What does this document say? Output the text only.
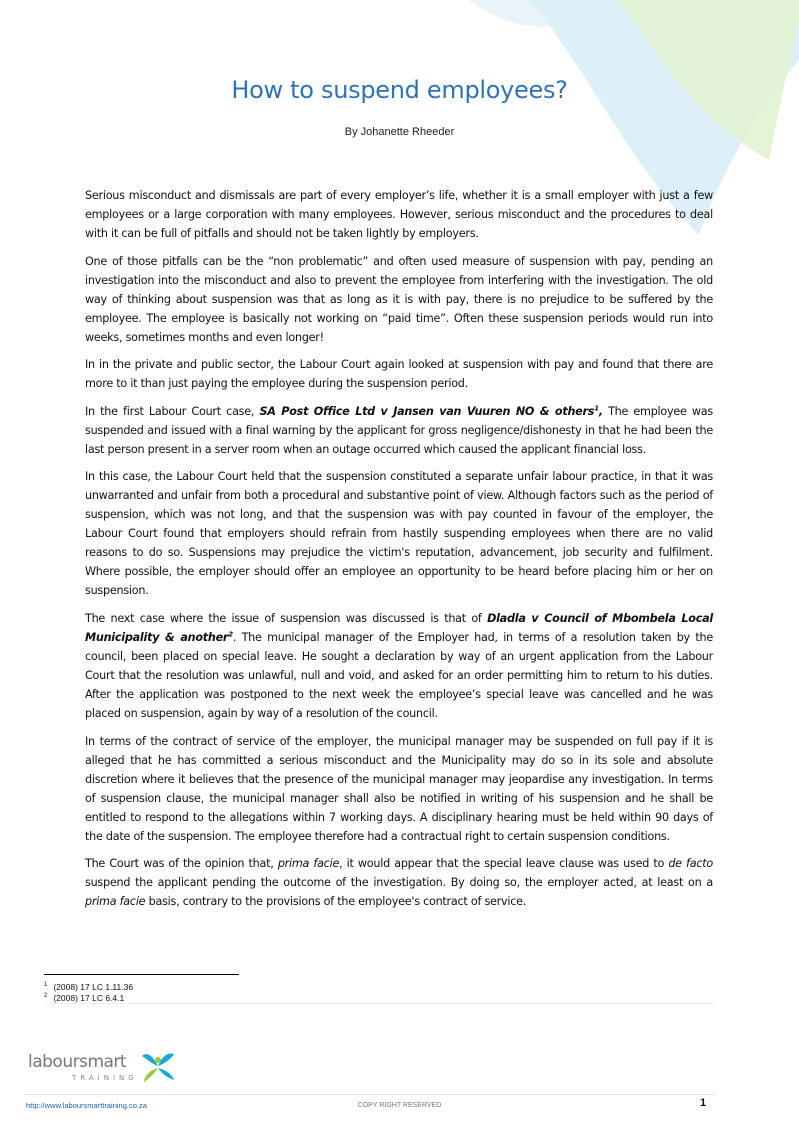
How to suspend employees?
By Johanette Rheeder

Serious misconduct and dismissals are part of every employer’s life, whether it is a small employer with just a few employees or a large corporation with many employees. However, serious misconduct and the procedures to deal with it can be full of pitfalls and should not be taken lightly by employers.

One of those pitfalls can be the “non problematic” and often used measure of suspension with pay, pending an investigation into the misconduct and also to prevent the employee from interfering with the investigation. The old way of thinking about suspension was that as long as it is with pay, there is no prejudice to be suffered by the employee. The employee is basically not working on “paid time”. Often these suspension periods would run into weeks, sometimes months and even longer!

In in the private and public sector, the Labour Court again looked at suspension with pay and found that there are more to it than just paying the employee during the suspension period.

In the first Labour Court case, SA Post Office Ltd v Jansen van Vuuren NO & others$^1$, The employee was suspended and issued with a final warning by the applicant for gross negligence/dishonesty in that he had been the last person present in a server room when an outage occurred which caused the applicant financial loss.

In this case, the Labour Court held that the suspension constituted a separate unfair labour practice, in that it was unwarranted and unfair from both a procedural and substantive point of view. Although factors such as the period of suspension, which was not long, and that the suspension was with pay counted in favour of the employer, the Labour Court found that employers should refrain from hastily suspending employees when there are no valid reasons to do so. Suspensions may prejudice the victim's reputation, advancement, job security and fulfilment. Where possible, the employer should offer an employee an opportunity to be heard before placing him or her on suspension.

The next case where the issue of suspension was discussed is that of Dladla v Council of Mbombela Local Municipality & another$^2$. The municipal manager of the Employer had, in terms of a resolution taken by the council, been placed on special leave. He sought a declaration by way of an urgent application from the Labour Court that the resolution was unlawful, null and void, and asked for an order permitting him to return to his duties. After the application was postponed to the next week the employee’s special leave was cancelled and he was placed on suspension, again by way of a resolution of the council.

In terms of the contract of service of the employer, the municipal manager may be suspended on full pay if it is alleged that he has committed a serious misconduct and the Municipality may do so in its sole and absolute discretion where it believes that the presence of the municipal manager may jeopardise any investigation. In terms of suspension clause, the municipal manager shall also be notified in writing of his suspension and he shall be entitled to respond to the allegations within 7 working days. A disciplinary hearing must be held within 90 days of the date of the suspension. The employee therefore had a contractual right to certain suspension conditions.

The Court was of the opinion that, prima facie, it would appear that the special leave clause was used to de facto suspend the applicant pending the outcome of the investigation. By doing so, the employer acted, at least on a prima facie basis, contrary to the provisions of the employee's contract of service.

$^1$ (2008) 17 LC 1.11.36
$^2$ (2008) 17 LC 6.4.1
laboursmart
TRAINING
http://www.laboursmarttraining.co.za	COPY RIGHT RESERVED	1
